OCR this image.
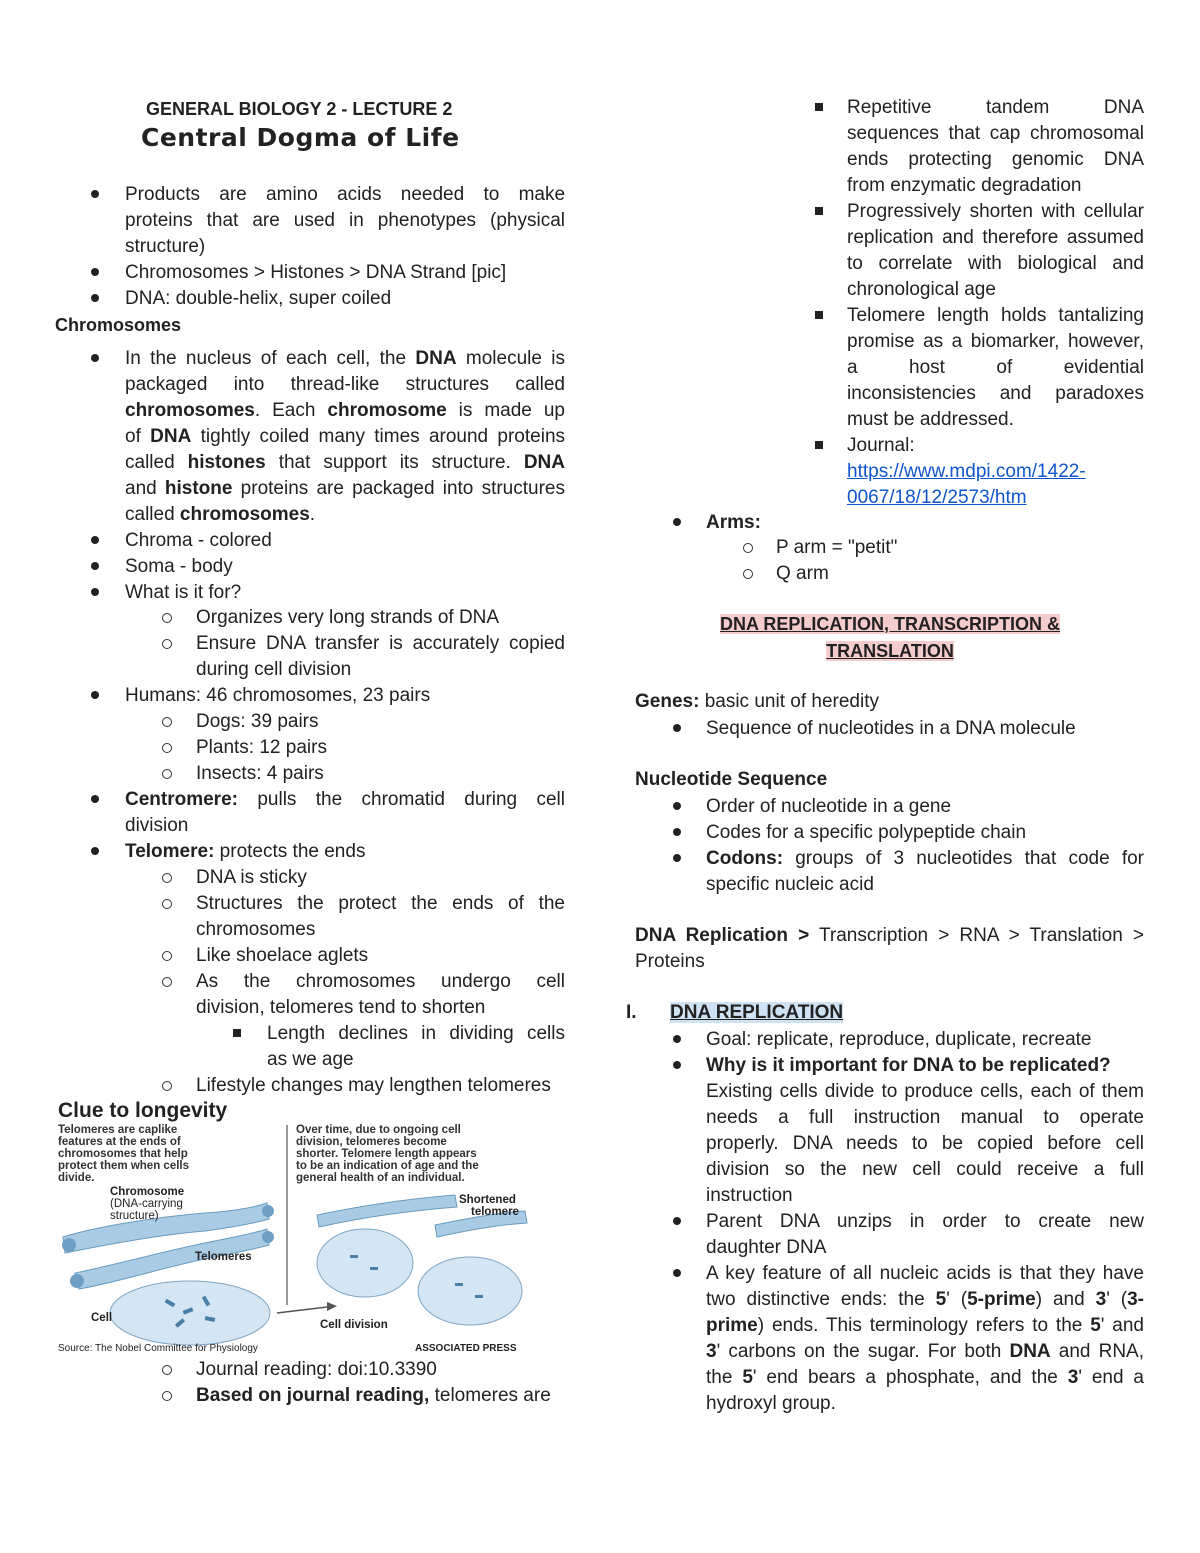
GENERAL BIOLOGY 2 - LECTURE 2
Central Dogma of Life
Products are amino acids needed to make
proteins that are used in phenotypes (physical
structure)
Chromosomes > Histones > DNA Strand [pic]
DNA: double-helix, super coiled
Chromosomes
In the nucleus of each cell, the DNA molecule is
packaged into thread-like structures called
chromosomes. Each chromosome is made up
of DNA tightly coiled many times around proteins
called histones that support its structure. DNA
and histone proteins are packaged into structures
called chromosomes.
Chroma - colored
Soma - body
What is it for?
Organizes very long strands of DNA
Ensure DNA transfer is accurately copied
during cell division
Humans: 46 chromosomes, 23 pairs
Dogs: 39 pairs
Plants: 12 pairs
Insects: 4 pairs
Centromere: pulls the chromatid during cell
division
Telomere: protects the ends
DNA is sticky
Structures the protect the ends of the
chromosomes
Like shoelace aglets
As the chromosomes undergo cell
division, telomeres tend to shorten
Length declines in dividing cells
as we age
Lifestyle changes may lengthen telomeres
Clue to longevity
Telomeres are caplike
features at the ends of
chromosomes that help
protect them when cells
divide.
Over time, due to ongoing cell
division, telomeres become
shorter. Telomere length appears
to be an indication of age and the
general health of an individual.
Chromosome
(DNA-carrying
structure)
Telomeres
Shortened
telomere
Cell
Cell division
Source: The Nobel Committee for Physiology	ASSOCIATED PRESS
Journal reading: doi:10.3390
Based on journal reading, telomeres are
Repetitive tandem DNA
sequences that cap chromosomal
ends protecting genomic DNA
from enzymatic degradation
Progressively shorten with cellular
replication and therefore assumed
to correlate with biological and
chronological age
Telomere length holds tantalizing
promise as a biomarker, however,
a host of evidential
inconsistencies and paradoxes
must be addressed.
Journal:
https://www.mdpi.com/1422-
0067/18/12/2573/htm
Arms:
P arm = "petit"
Q arm
DNA REPLICATION, TRANSCRIPTION &
TRANSLATION
Genes: basic unit of heredity
Sequence of nucleotides in a DNA molecule
Nucleotide Sequence
Order of nucleotide in a gene
Codes for a specific polypeptide chain
Codons: groups of 3 nucleotides that code for
specific nucleic acid
DNA Replication > Transcription > RNA > Translation >
Proteins
I. DNA REPLICATION
Goal: replicate, reproduce, duplicate, recreate
Why is it important for DNA to be replicated?
Existing cells divide to produce cells, each of them
needs a full instruction manual to operate
properly. DNA needs to be copied before cell
division so the new cell could receive a full
instruction
Parent DNA unzips in order to create new
daughter DNA
A key feature of all nucleic acids is that they have
two distinctive ends: the 5' (5-prime) and 3' (3-
prime) ends. This terminology refers to the 5' and
3' carbons on the sugar. For both DNA and RNA,
the 5' end bears a phosphate, and the 3' end a
hydroxyl group.
